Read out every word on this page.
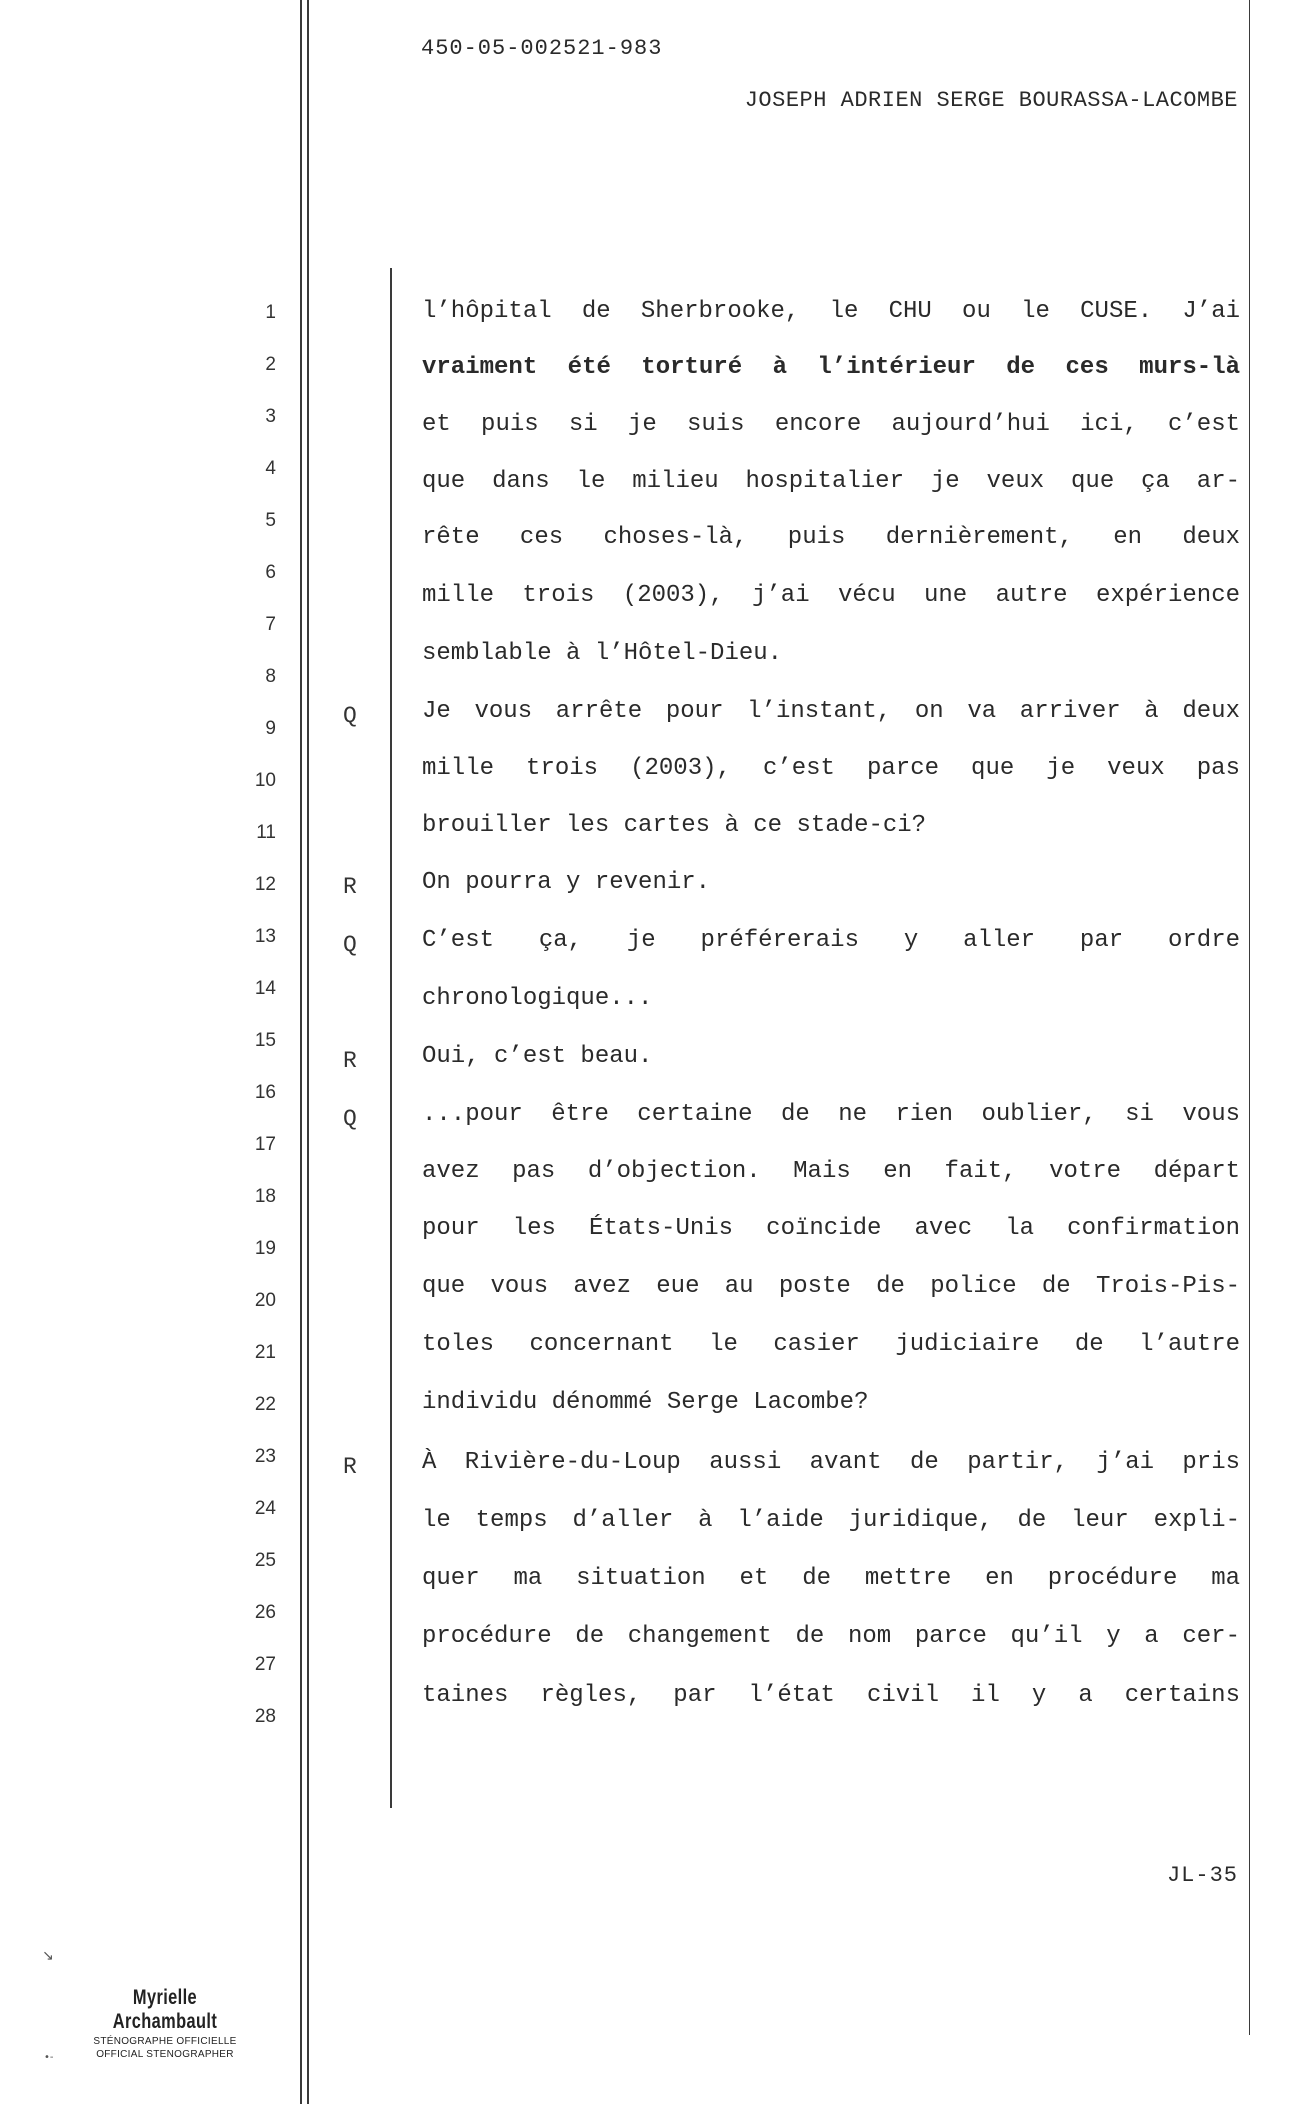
450-05-002521-983
JOSEPH ADRIEN SERGE BOURASSA-LACOMBE
1
2
3
4
5
6
7
8
9
10
11
12
13
14
15
16
17
18
19
20
21
22
23
24
25
26
27
28
Q
R
Q
R
Q
R
l’hôpital de Sherbrooke, le CHU ou le CUSE. J’ai
vraiment été torturé à l’intérieur de ces murs-là
et puis si je suis encore aujourd’hui ici, c’est
que dans le milieu hospitalier je veux que ça ar-
rête ces choses-là, puis dernièrement, en deux
mille trois (2003), j’ai vécu une autre expérience
semblable à l’Hôtel-Dieu.
Je vous arrête pour l’instant, on va arriver à deux
mille trois (2003), c’est parce que je veux pas
brouiller les cartes à ce stade-ci?
On pourra y revenir.
C’est ça, je préférerais y aller par ordre
chronologique...
Oui, c’est beau.
...pour être certaine de ne rien oublier, si vous
avez pas d’objection. Mais en fait, votre départ
pour les États-Unis coïncide avec la confirmation
que vous avez eue au poste de police de Trois-Pis-
toles concernant le casier judiciaire de l’autre
individu dénommé Serge Lacombe?
À Rivière-du-Loup aussi avant de partir, j’ai pris
le temps d’aller à l’aide juridique, de leur expli-
quer ma situation et de mettre en procédure ma
procédure de changement de nom parce qu’il y a cer-
taines règles, par l’état civil il y a certains
JL-35
Myrielle Archambault
STÉNOGRAPHE OFFICIELLE
OFFICIAL STENOGRAPHER
↘
•-
